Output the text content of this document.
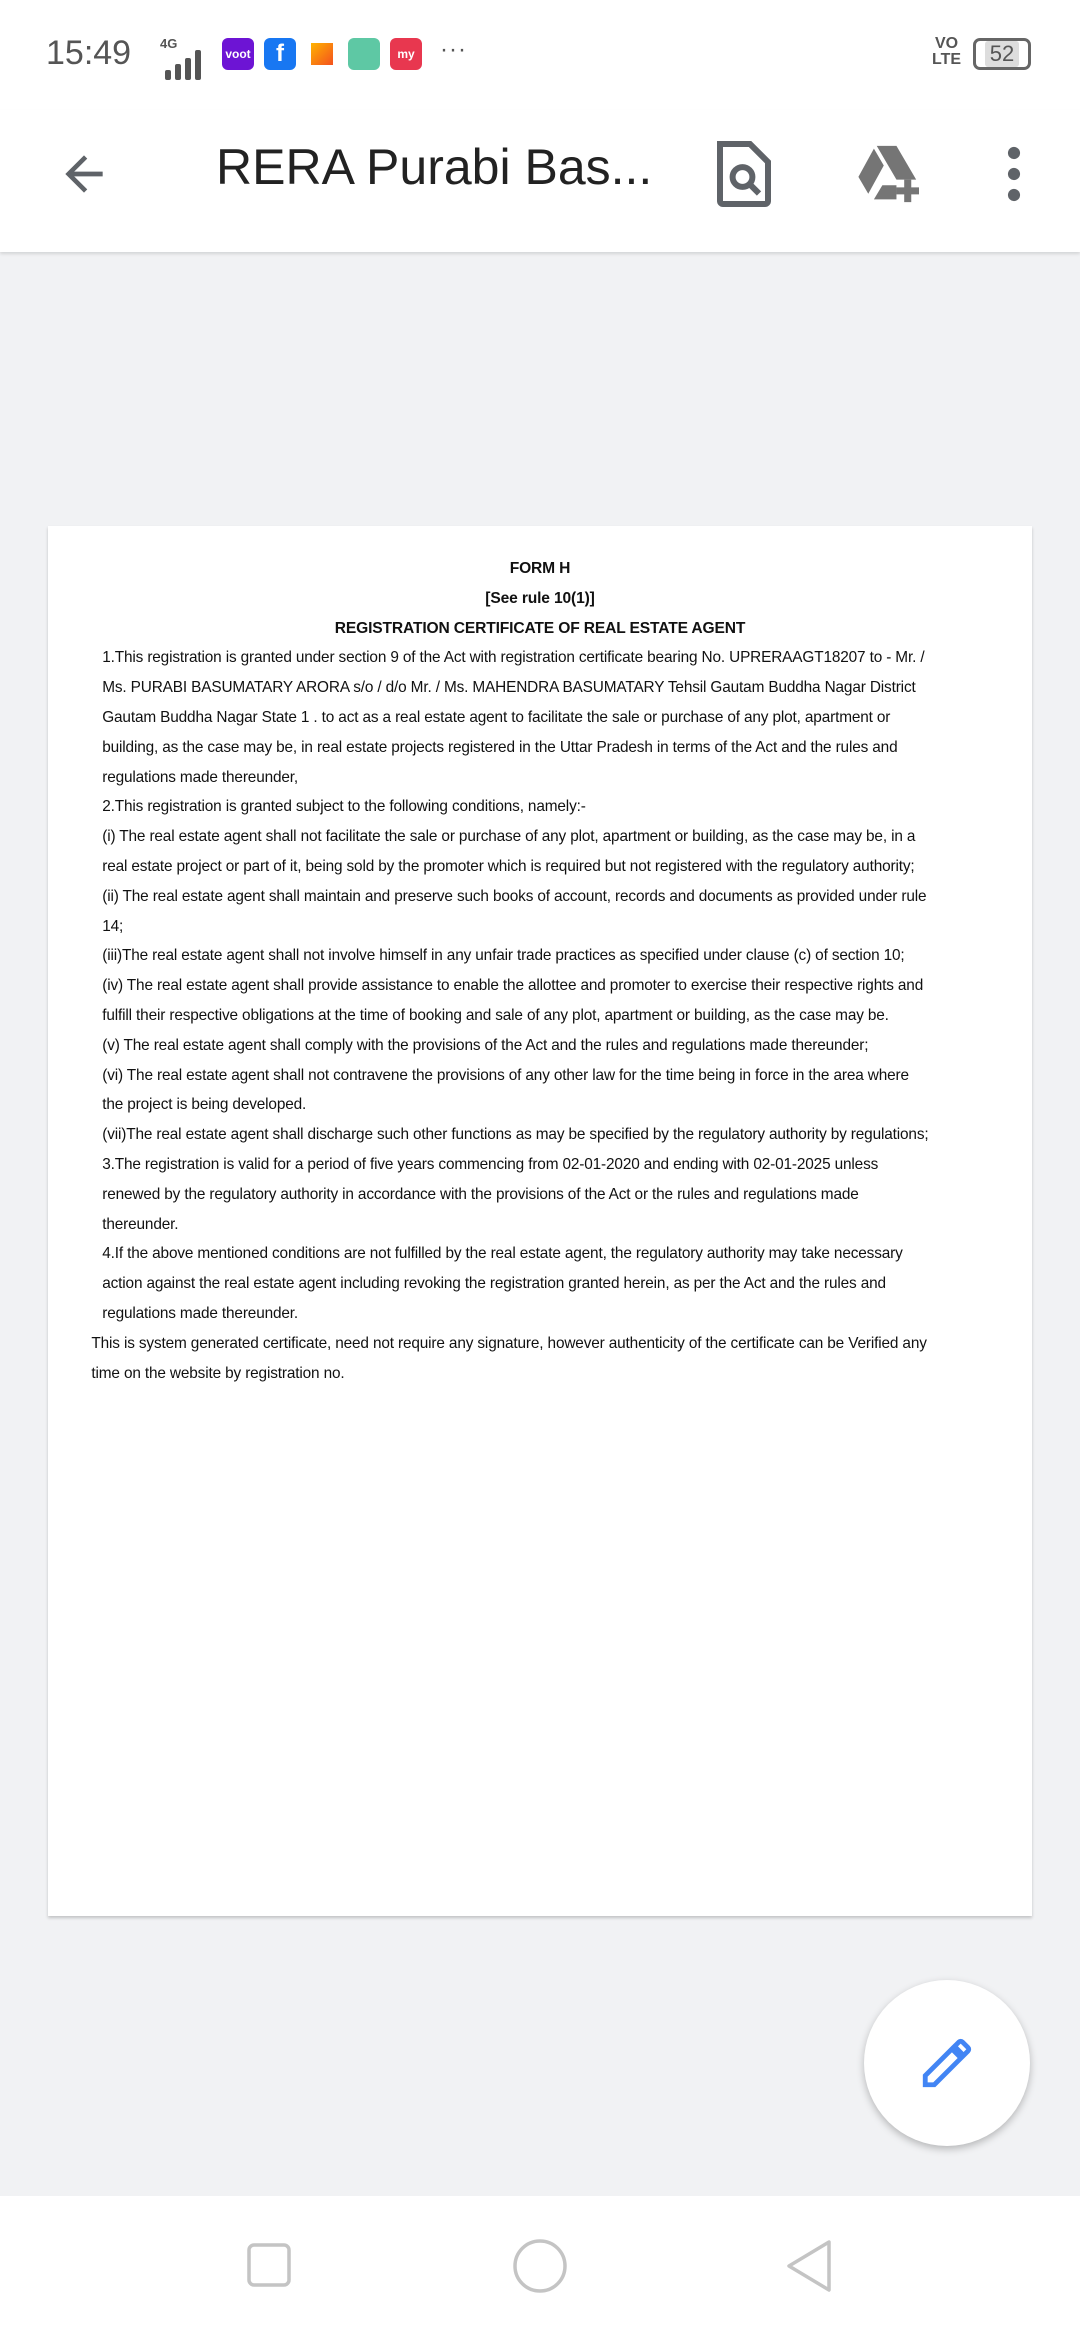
15:49 4G
voot	f	my	···	VO
LTE 52
RERA Purabi Bas...
FORM H
[See rule 10(1)]
REGISTRATION CERTIFICATE OF REAL ESTATE AGENT
1.This registration is granted under section 9 of the Act with registration certificate bearing No. UPRERAAGT18207 to - Mr. /
Ms. PURABI BASUMATARY ARORA s/o / d/o Mr. / Ms. MAHENDRA BASUMATARY Tehsil Gautam Buddha Nagar District
Gautam Buddha Nagar State 1 . to act as a real estate agent to facilitate the sale or purchase of any plot, apartment or
building, as the case may be, in real estate projects registered in the Uttar Pradesh in terms of the Act and the rules and
regulations made thereunder,
2.This registration is granted subject to the following conditions, namely:-
(i) The real estate agent shall not facilitate the sale or purchase of any plot, apartment or building, as the case may be, in a
real estate project or part of it, being sold by the promoter which is required but not registered with the regulatory authority;
(ii) The real estate agent shall maintain and preserve such books of account, records and documents as provided under rule
14;
(iii)The real estate agent shall not involve himself in any unfair trade practices as specified under clause (c) of section 10;
(iv) The real estate agent shall provide assistance to enable the allottee and promoter to exercise their respective rights and
fulfill their respective obligations at the time of booking and sale of any plot, apartment or building, as the case may be.
(v) The real estate agent shall comply with the provisions of the Act and the rules and regulations made thereunder;
(vi) The real estate agent shall not contravene the provisions of any other law for the time being in force in the area where
the project is being developed.
(vii)The real estate agent shall discharge such other functions as may be specified by the regulatory authority by regulations;
3.The registration is valid for a period of five years commencing from 02-01-2020 and ending with 02-01-2025 unless
renewed by the regulatory authority in accordance with the provisions of the Act or the rules and regulations made
thereunder.
4.If the above mentioned conditions are not fulfilled by the real estate agent, the regulatory authority may take necessary
action against the real estate agent including revoking the registration granted herein, as per the Act and the rules and
regulations made thereunder.
This is system generated certificate, need not require any signature, however authenticity of the certificate can be Verified any
time on the website by registration no.
